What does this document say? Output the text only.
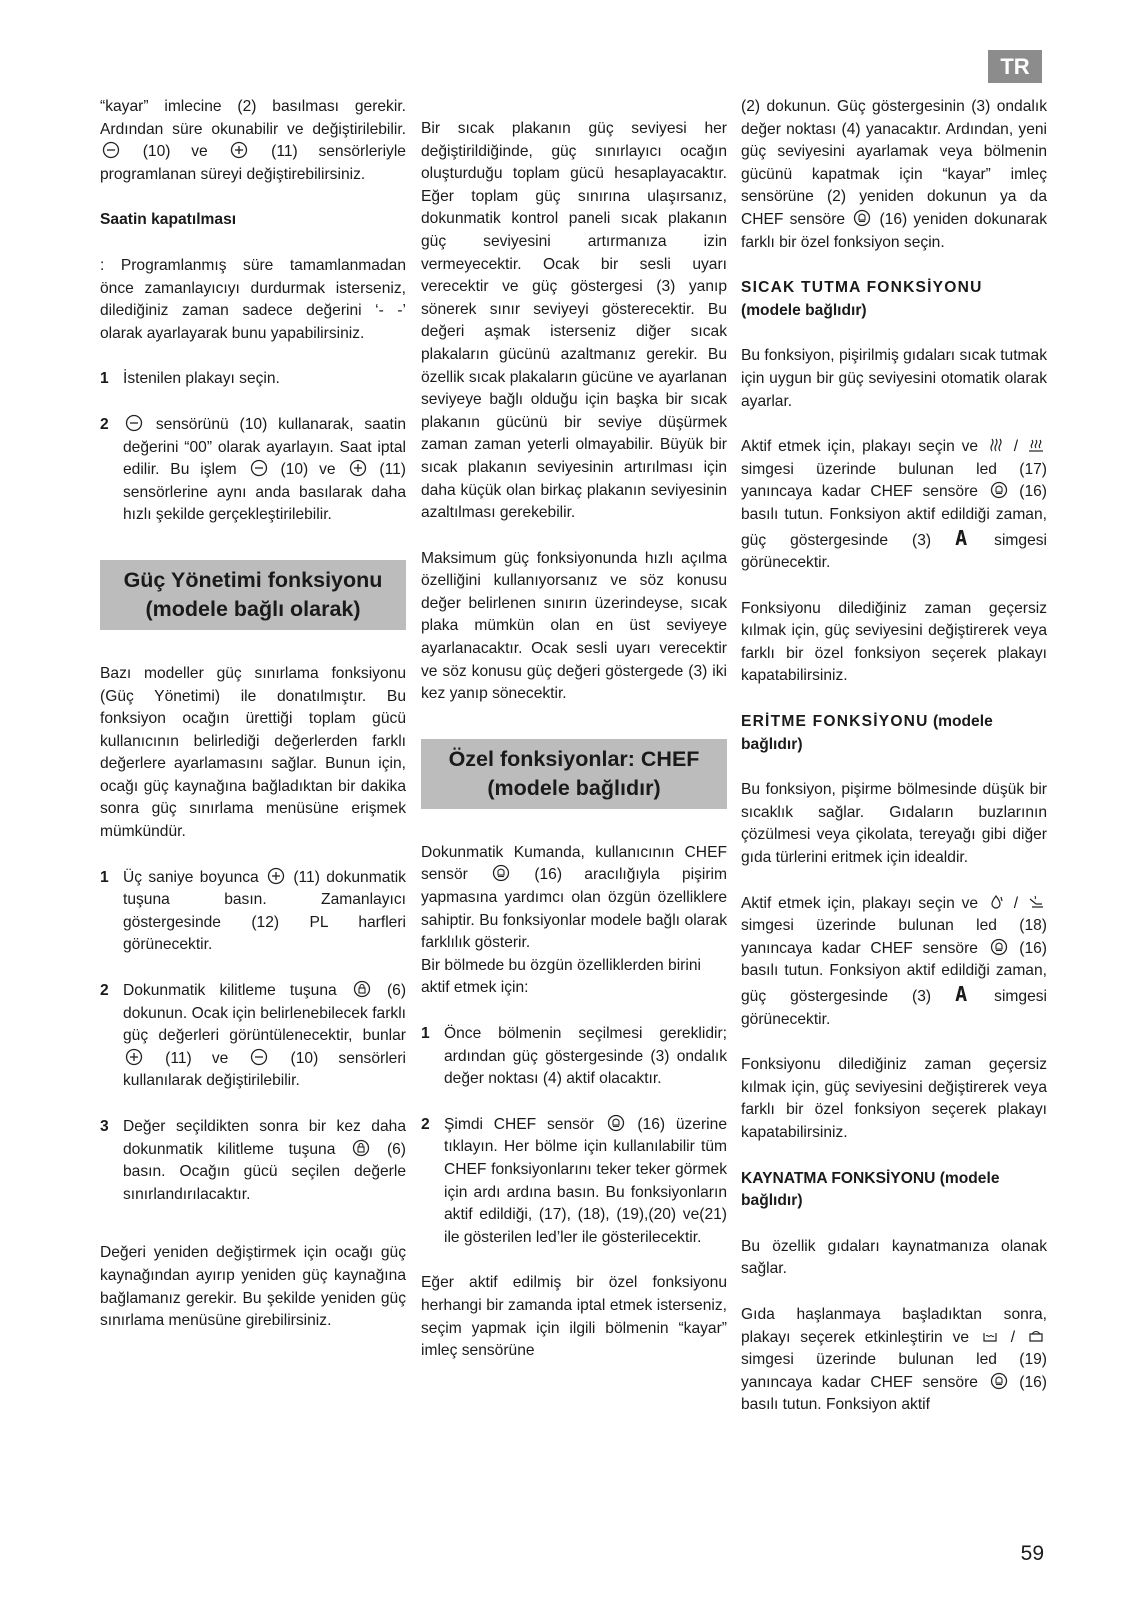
TR

“kayar” imlecine (2) basılması gerekir. Ardından süre okunabilir ve değiştirilebilir.
(10) ve	(11) sensörleriyle programlanan süreyi değiştirebilirsiniz.

Saatin kapatılması

: Programlanmış süre tamamlanmadan önce zamanlayıcıyı durdurmak isterseniz, dilediğiniz zaman sadece değerini ‘- -’ olarak ayarlayarak bunu yapabilirsiniz.

1 İstenilen plakayı seçin.
2	sensörünü (10) kullanarak, saatin değerini “00” olarak ayarlayın. Saat iptal edilir. Bu işlem	(10) ve	(11) sensörlerine aynı anda basılarak daha hızlı şekilde gerçekleştirilebilir.
Güç Yönetimi fonksiyonu (modele bağlı olarak)

Bazı modeller güç sınırlama fonksiyonu (Güç Yönetimi) ile donatılmıştır. Bu fonksiyon ocağın ürettiği toplam gücü kullanıcının belirlediği değerlerden farklı değerlere ayarlamasını sağlar. Bunun için, ocağı güç kaynağına bağladıktan bir dakika sonra güç sınırlama menüsüne erişmek mümkündür.

1 Üç saniye boyunca (11) dokunmatik tuşuna basın. Zamanlayıcı göstergesinde (12) PL harfleri görünecektir.
2 Dokunmatik kilitleme tuşuna	(6) dokunun. Ocak için belirlenebilecek farklı güç değerleri görüntülenecektir, bunlar
(11) ve	(10) sensörleri kullanılarak değiştirilebilir.
3 Değer seçildikten sonra bir kez daha dokunmatik kilitleme tuşuna	(6) basın. Ocağın gücü seçilen değerle sınırlandırılacaktır.

Değeri yeniden değiştirmek için ocağı güç kaynağından ayırıp yeniden güç kaynağına bağlamanız gerekir. Bu şekilde yeniden güç sınırlama menüsüne girebilirsiniz.

Bir sıcak plakanın güç seviyesi her değiştirildiğinde, güç sınırlayıcı ocağın oluşturduğu toplam gücü hesaplayacaktır. Eğer toplam güç sınırına ulaşırsanız, dokunmatik kontrol paneli sıcak plakanın güç seviyesini artırmanıza izin vermeyecektir. Ocak bir sesli uyarı verecektir ve güç göstergesi (3) yanıp sönerek sınır seviyeyi gösterecektir. Bu değeri aşmak isterseniz diğer sıcak plakaların gücünü azaltmanız gerekir. Bu özellik sıcak plakaların gücüne ve ayarlanan seviyeye bağlı olduğu için başka bir sıcak plakanın gücünü bir seviye düşürmek zaman zaman yeterli olmayabilir. Büyük bir sıcak plakanın seviyesinin artırılması için daha küçük olan birkaç plakanın seviyesinin azaltılması gerekebilir.

Maksimum güç fonksiyonunda hızlı açılma özelliğini kullanıyorsanız ve söz konusu değer belirlenen sınırın üzerindeyse, sıcak plaka mümkün olan en üst seviyeye ayarlanacaktır. Ocak sesli uyarı verecektir ve söz konusu güç değeri göstergede (3) iki kez yanıp sönecektir.

Özel fonksiyonlar: CHEF (modele bağlıdır)

Dokunmatik Kumanda, kullanıcının CHEF sensör	(16) aracılığıyla pişirim yapmasına yardımcı olan özgün özelliklere sahiptir. Bu fonksiyonlar modele bağlı olarak farklılık gösterir.

Bir bölmede bu özgün özelliklerden birini aktif etmek için:

1 Önce bölmenin seçilmesi gereklidir; ardından güç göstergesinde (3) ondalık değer noktası (4) aktif olacaktır.
2 Şimdi CHEF sensör	(16) üzerine tıklayın. Her bölme için kullanılabilir tüm CHEF fonksiyonlarını teker teker görmek için ardı ardına basın. Bu fonksiyonların aktif edildiği, (17), (18), (19),(20) ve(21) ile gösterilen led’ler ile gösterilecektir.

Eğer aktif edilmiş bir özel fonksiyonu herhangi bir zamanda iptal etmek isterseniz, seçim yapmak için ilgili bölmenin “kayar” imleç sensörüne

(2) dokunun. Güç göstergesinin (3) ondalık değer noktası (4) yanacaktır. Ardından, yeni güç seviyesini ayarlamak veya bölmenin gücünü kapatmak için “kayar” imleç sensörüne (2) yeniden dokunun ya da CHEF sensöre (16) yeniden dokunarak farklı bir özel fonksiyon seçin.

SICAK TUTMA FONKSİYONU
(modele bağlıdır)

Bu fonksiyon, pişirilmiş gıdaları sıcak tutmak için uygun bir güç seviyesini otomatik olarak ayarlar.

Aktif etmek için, plakayı seçin ve
/
simgesi üzerinde bulunan led (17) yanıncaya kadar CHEF sensöre	(16) basılı tutun. Fonksiyon aktif edildiği zaman, güç göstergesinde (3) A simgesi görünecektir.

Fonksiyonu dilediğiniz zaman geçersiz kılmak için, güç seviyesini değiştirerek veya farklı bir özel fonksiyon seçerek plakayı kapatabilirsiniz.

ERİTME FONKSİYONU (modele bağlıdır)

Bu fonksiyon, pişirme bölmesinde düşük bir sıcaklık sağlar. Gıdaların buzlarının çözülmesi veya çikolata, tereyağı gibi diğer gıda türlerini eritmek için idealdir.

Aktif etmek için, plakayı seçin ve
/
simgesi üzerinde bulunan led (18) yanıncaya kadar CHEF sensöre	(16) basılı tutun. Fonksiyon aktif edildiği zaman, güç göstergesinde (3) A simgesi görünecektir.

Fonksiyonu dilediğiniz zaman geçersiz kılmak için, güç seviyesini değiştirerek veya farklı bir özel fonksiyon seçerek plakayı kapatabilirsiniz.

KAYNATMA FONKSİYONU (modele bağlıdır)

Bu özellik gıdaları kaynatmanıza olanak sağlar.

Gıda haşlanmaya başladıktan sonra, plakayı seçerek etkinleştirin ve
/
simgesi üzerinde bulunan led (19) yanıncaya kadar CHEF sensöre	(16) basılı tutun. Fonksiyon aktif

59
